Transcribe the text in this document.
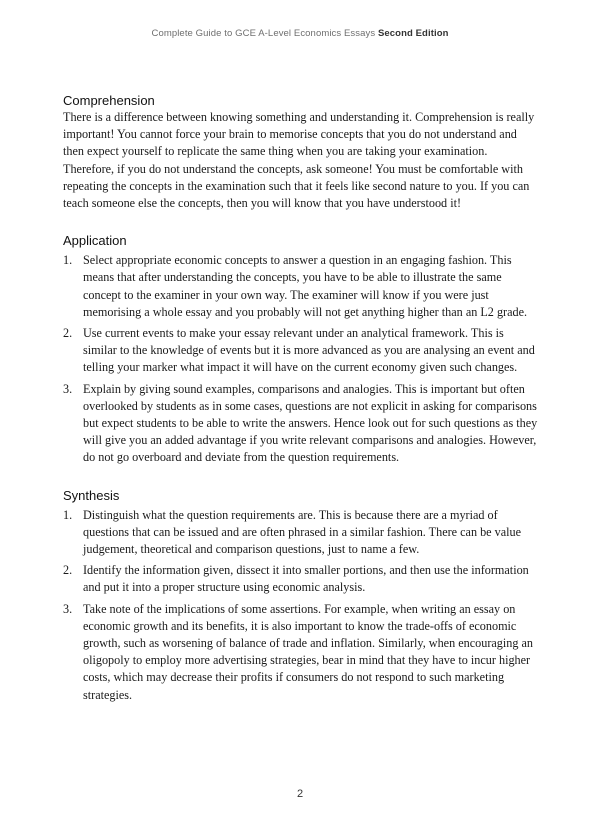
Complete Guide to GCE A-Level Economics Essays Second Edition
Comprehension

There is a difference between knowing something and understanding it. Comprehension is really important! You cannot force your brain to memorise concepts that you do not understand and then expect yourself to replicate the same thing when you are taking your examination. Therefore, if you do not understand the concepts, ask someone! You must be comfortable with repeating the concepts in the examination such that it feels like second nature to you. If you can teach someone else the concepts, then you will know that you have understood it!

Application
1. Select appropriate economic concepts to answer a question in an engaging fashion. This means that after understanding the concepts, you have to be able to illustrate the same concept to the examiner in your own way. The examiner will know if you were just memorising a whole essay and you probably will not get anything higher than an L2 grade.
2. Use current events to make your essay relevant under an analytical framework. This is similar to the knowledge of events but it is more advanced as you are analysing an event and telling your marker what impact it will have on the current economy given such changes.
3. Explain by giving sound examples, comparisons and analogies. This is important but often overlooked by students as in some cases, questions are not explicit in asking for comparisons but expect students to be able to write the answers. Hence look out for such questions as they will give you an added advantage if you write relevant comparisons and analogies. However, do not go overboard and deviate from the question requirements.
Synthesis
1. Distinguish what the question requirements are. This is because there are a myriad of questions that can be issued and are often phrased in a similar fashion. There can be value judgement, theoretical and comparison questions, just to name a few.
2. Identify the information given, dissect it into smaller portions, and then use the information and put it into a proper structure using economic analysis.
3. Take note of the implications of some assertions. For example, when writing an essay on economic growth and its benefits, it is also important to know the trade-offs of economic growth, such as worsening of balance of trade and inflation. Similarly, when encouraging an oligopoly to employ more advertising strategies, bear in mind that they have to incur higher costs, which may decrease their profits if consumers do not respond to such marketing strategies.
2
